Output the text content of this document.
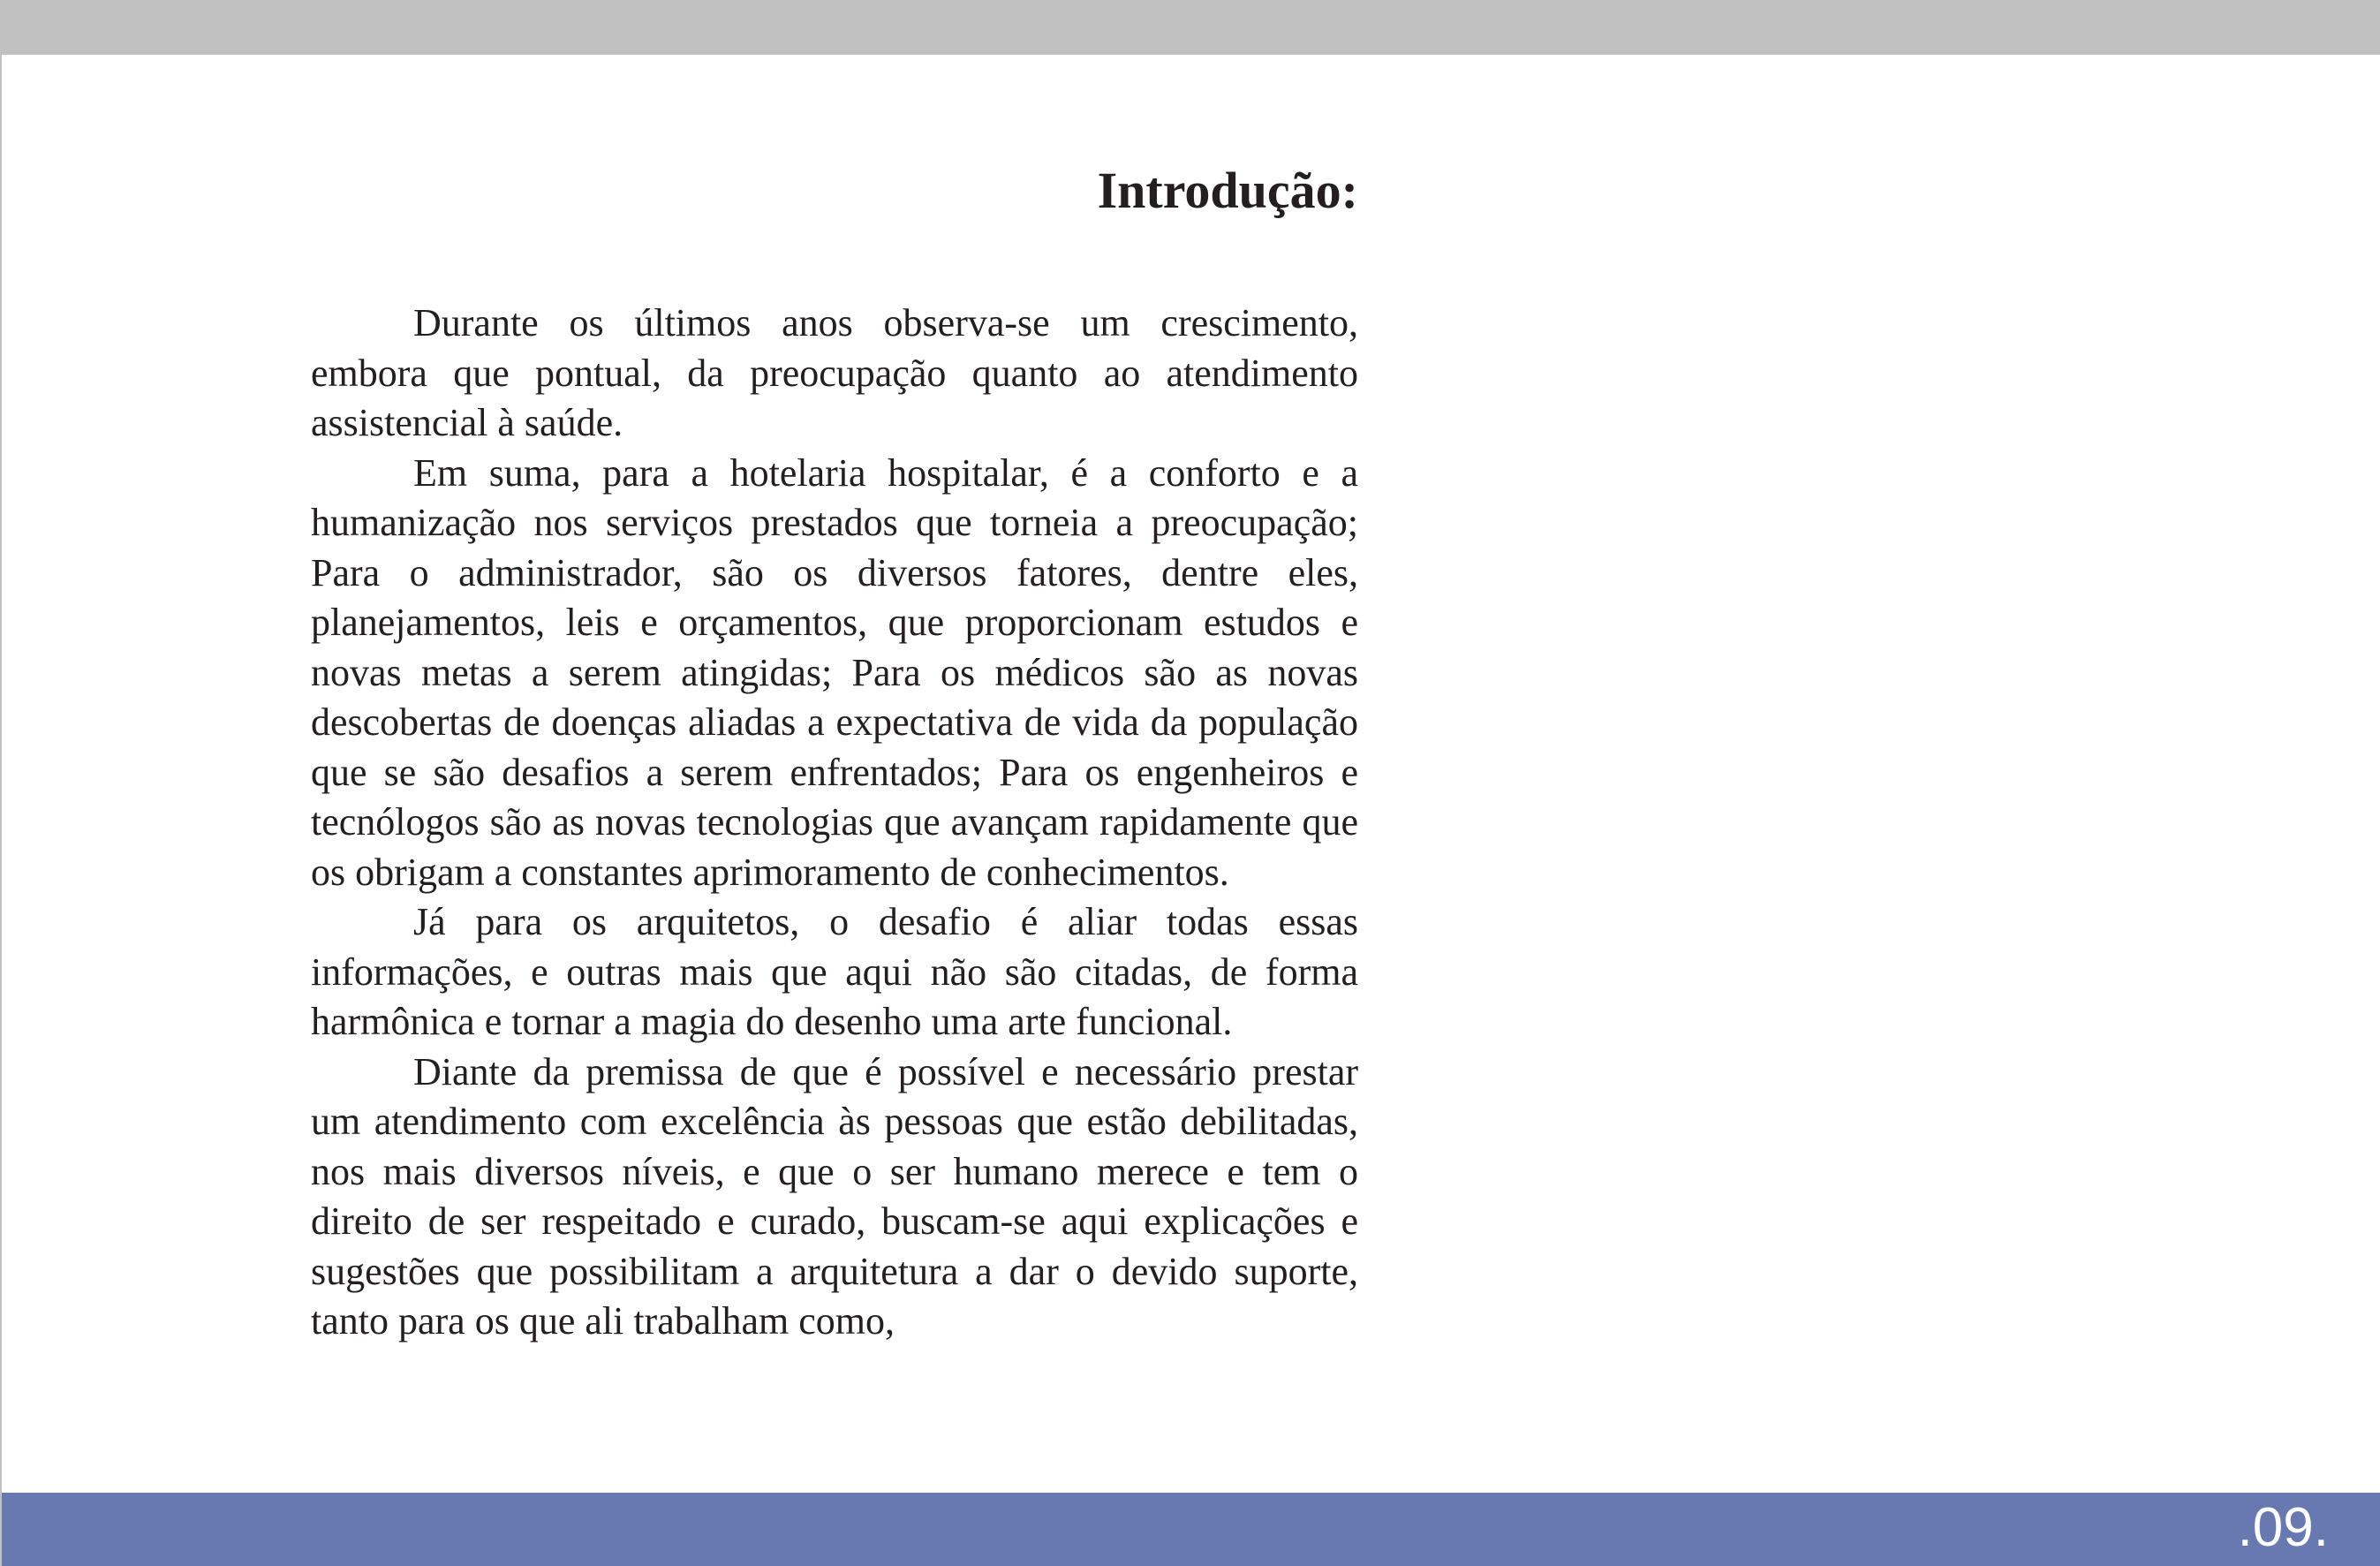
Introdução:

Durante os últimos anos observa-se um crescimento, embora que pontual, da preocupação quanto ao atendimento assistencial à saúde.

Em suma, para a hotelaria hospitalar, é a conforto e a humanização nos serviços prestados que torneia a preocupação; Para o administrador, são os diversos fatores, dentre eles, planejamentos, leis e orçamentos, que proporcionam estudos e novas metas a serem atingidas; Para os médicos são as novas descobertas de doenças aliadas a expectativa de vida da população que se são desafios a serem enfrentados; Para os engenheiros e tecnólogos são as novas tecnologias que avançam rapidamente que os obrigam a constantes aprimoramento de conhecimentos.

Já para os arquitetos, o desafio é aliar todas essas informações, e outras mais que aqui não são citadas, de forma harmônica e tornar a magia do desenho uma arte funcional.

Diante da premissa de que é possível e necessário prestar um atendimento com excelência às pessoas que estão debilitadas, nos mais diversos níveis, e que o ser humano merece e tem o direito de ser respeitado e curado, buscam-se aqui explicações e sugestões que possibilitam a arquitetura a dar o devido suporte, tanto para os que ali trabalham como,

.09.
